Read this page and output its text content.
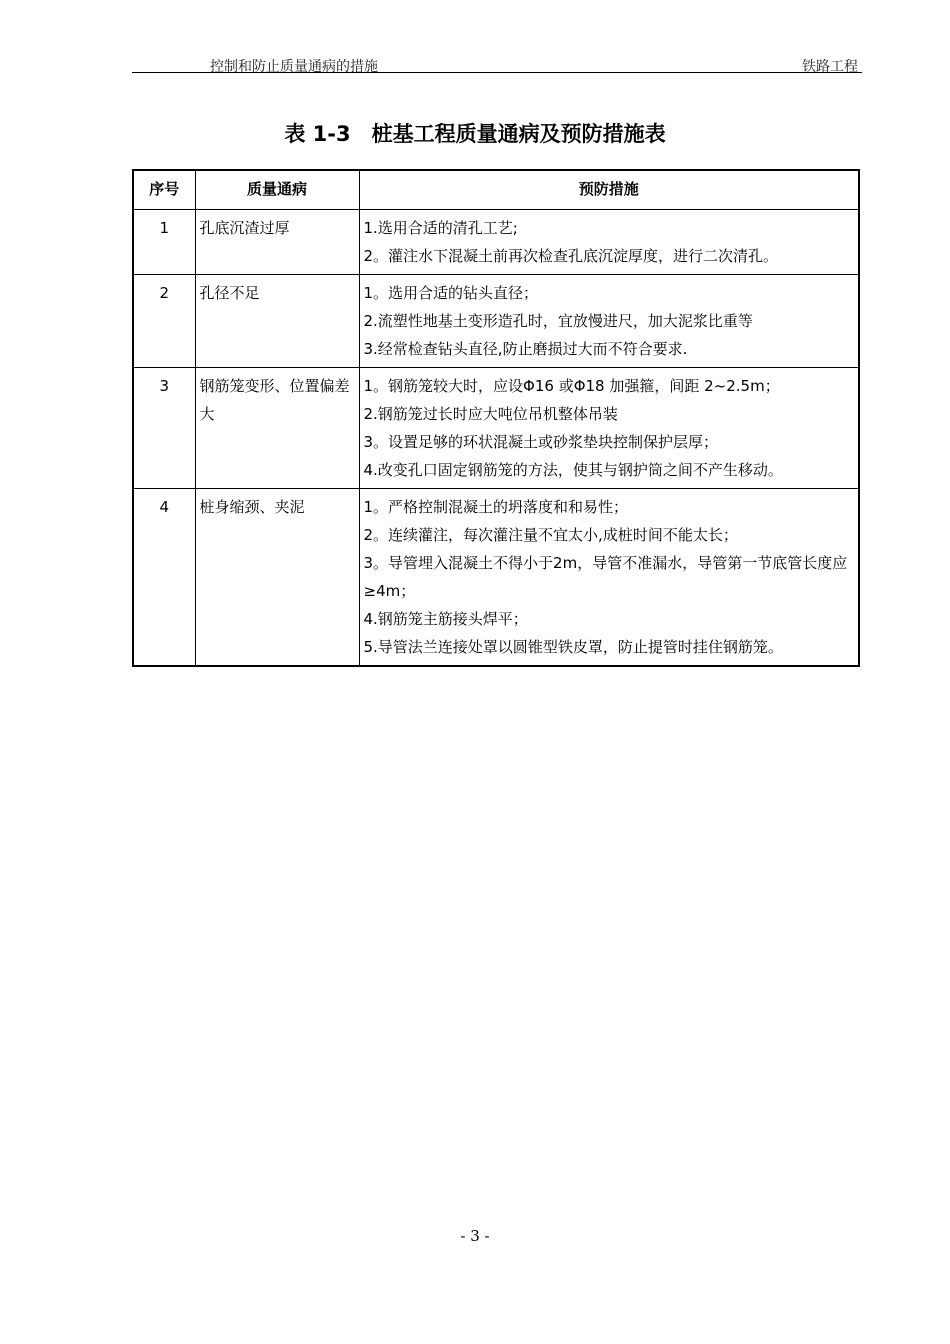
控制和防止质量通病的措施	铁路工程
表 1-3　桩基工程质量通病及预防措施表
序号	质量通病	预防措施
1	孔底沉渣过厚	1.选用合适的清孔工艺;
2。灌注水下混凝土前再次检查孔底沉淀厚度，进行二次清孔。

2	孔径不足	1。选用合适的钻头直径；
2.流塑性地基土变形造孔时，宜放慢进尺，加大泥浆比重等
3.经常检查钻头直径,防止磨损过大而不符合要求.

3	钢筋笼变形、位置偏差大	1。钢筋笼较大时，应设Φ16 或Φ18 加强箍，间距 2~2.5m；
2.钢筋笼过长时应大吨位吊机整体吊装
3。设置足够的环状混凝土或砂浆垫块控制保护层厚；
4.改变孔口固定钢筋笼的方法，使其与钢护筒之间不产生移动。

4	桩身缩颈、夹泥	1。严格控制混凝土的坍落度和和易性；
2。连续灌注，每次灌注量不宜太小,成桩时间不能太长；
3。导管埋入混凝土不得小于2m，导管不准漏水，导管第一节底管长度应≥4m；
4.钢筋笼主筋接头焊平；
5.导管法兰连接处罩以圆锥型铁皮罩，防止提管时挂住钢筋笼。
- 3 -
